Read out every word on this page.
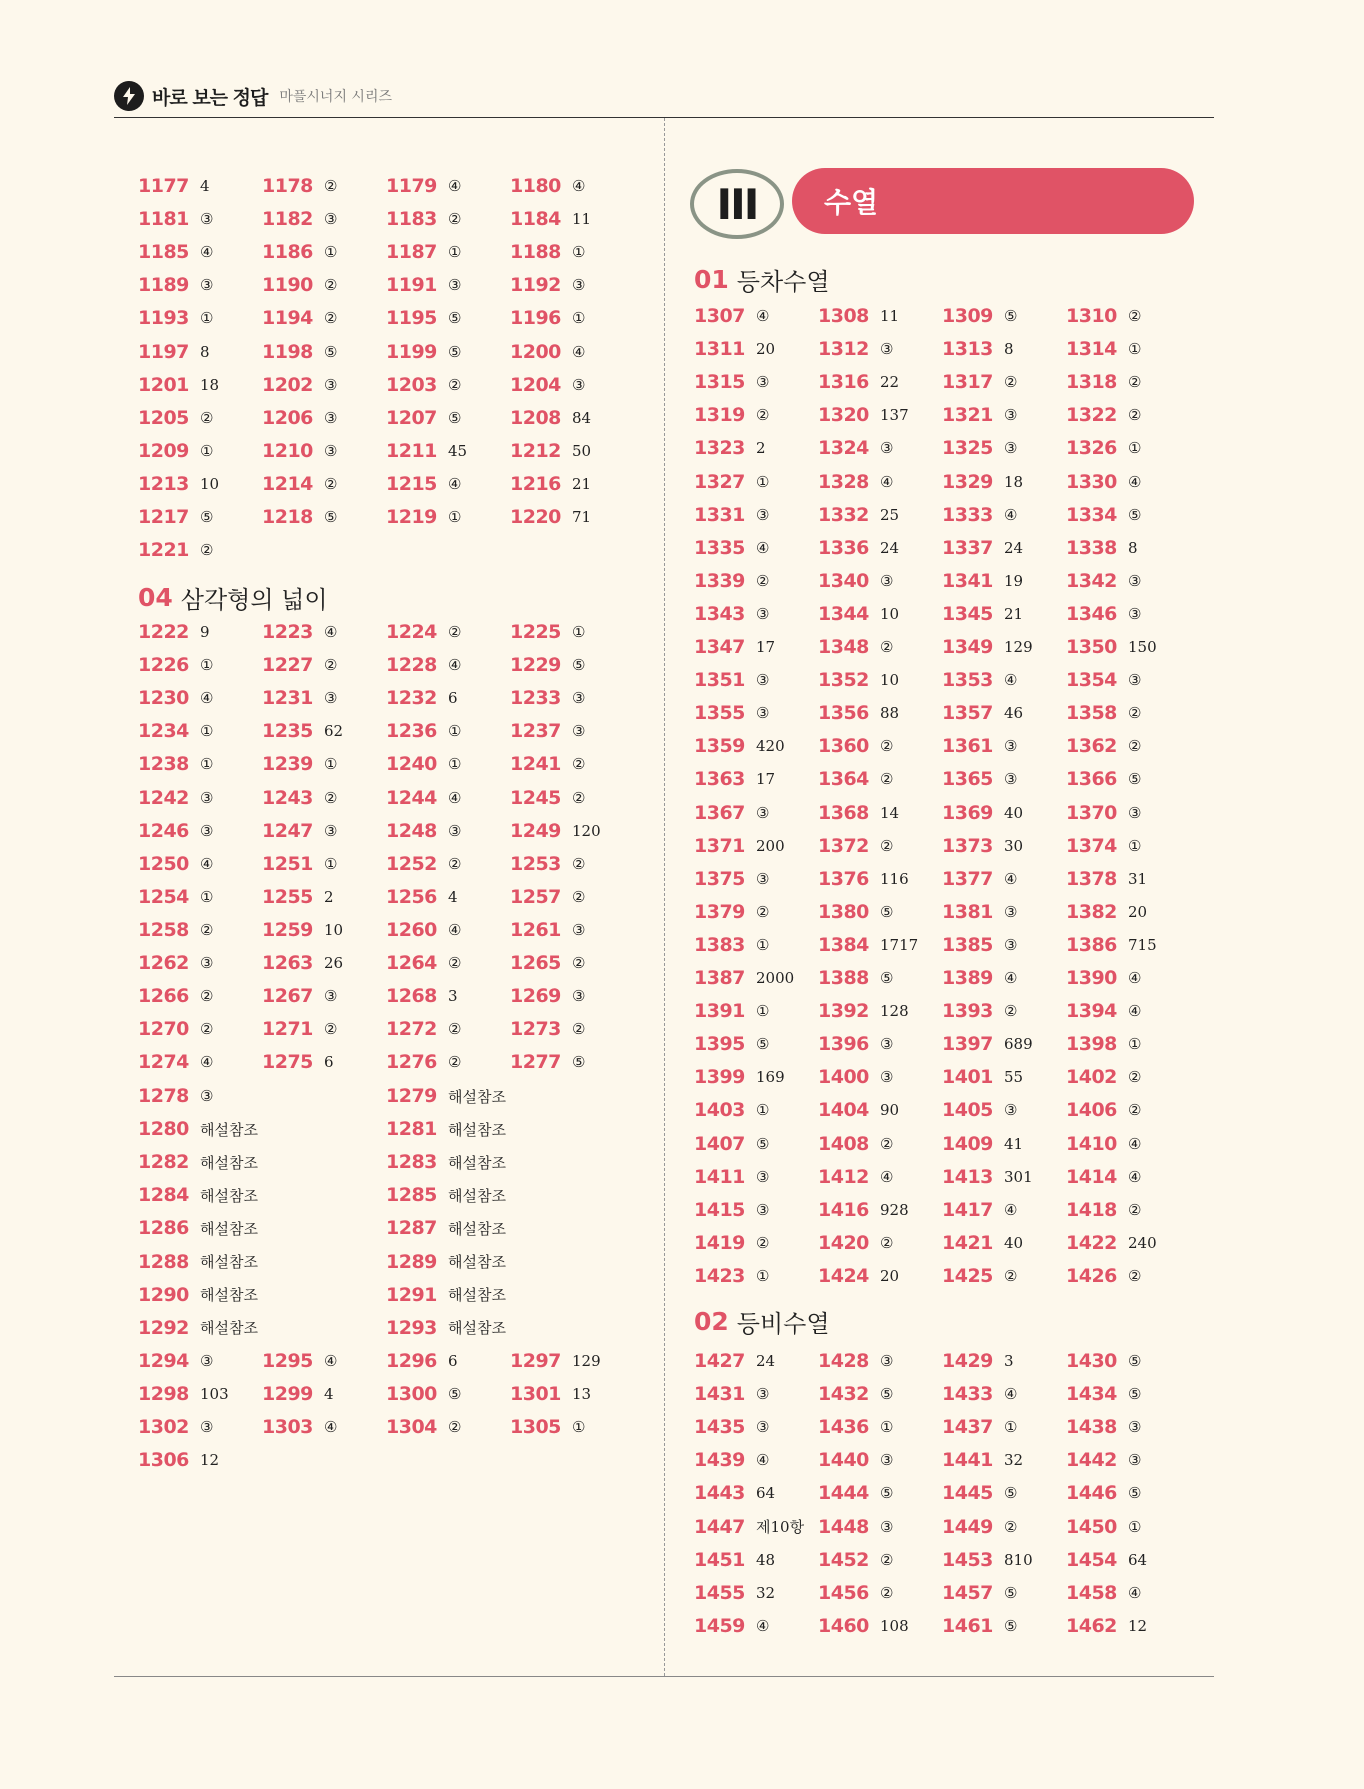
바로 보는 정답 마플시너지 시리즈
1177 4	1178 ②	1179 ④	1180 ④
1181 ③	1182 ③	1183 ②	1184 11
1185 ④	1186 ①	1187 ①	1188 ①
1189 ③	1190 ②	1191 ③	1192 ③
1193 ①	1194 ②	1195 ⑤	1196 ①
1197 8	1198 ⑤	1199 ⑤	1200 ④
1201 18 1202 ③	1203 ②	1204 ③
1205 ②	1206 ③	1207 ⑤	1208 84
1209 ①	1210 ③	1211 45 1212 50
1213 10 1214 ②	1215 ④	1216 21
1217 ⑤	1218 ⑤	1219 ①	1220 71
1221 ②
04 삼각형의 넓이
1222 9	1223 ④	1224 ②	1225 ①
1226 ①	1227 ②	1228 ④	1229 ⑤
1230 ④	1231 ③	1232 6	1233 ③
1234 ①	1235 62 1236 ①	1237 ③
1238 ①	1239 ①	1240 ①	1241 ②
1242 ③	1243 ②	1244 ④	1245 ②
1246 ③	1247 ③	1248 ③	1249 120
1250 ④	1251 ①	1252 ②	1253 ②
1254 ①	1255 2	1256 4	1257 ②
1258 ②	1259 10 1260 ④	1261 ③
1262 ③	1263 26 1264 ②	1265 ②
1266 ②	1267 ③	1268 3	1269 ③
1270 ②	1271 ②	1272 ②	1273 ②
1274 ④	1275 6	1276 ②	1277 ⑤
1278 ③	1279 해설참조
1280 해설참조	1281 해설참조
1282 해설참조	1283 해설참조
1284 해설참조	1285 해설참조
1286 해설참조	1287 해설참조
1288 해설참조	1289 해설참조
1290 해설참조	1291 해설참조
1292 해설참조	1293 해설참조
1294 ③	1295 ④	1296 6	1297 129
1298 103 1299 4	1300 ⑤	1301 13
1302 ③	1303 ④	1304 ②	1305 ①
1306 12
III 수열
01 등차수열
1307 ④	1308 11 1309 ⑤	1310 ②
1311 20 1312 ③	1313 8	1314 ①
1315 ③	1316 22 1317 ②	1318 ②
1319 ②	1320 137 1321 ③	1322 ②
1323 2	1324 ③	1325 ③	1326 ①
1327 ①	1328 ④	1329 18 1330 ④
1331 ③	1332 25 1333 ④	1334 ⑤
1335 ④	1336 24 1337 24 1338 8
1339 ②	1340 ③	1341 19 1342 ③
1343 ③	1344 10 1345 21 1346 ③
1347 17 1348 ②	1349 129 1350 150
1351 ③	1352 10 1353 ④	1354 ③
1355 ③	1356 88 1357 46 1358 ②
1359 420 1360 ②	1361 ③	1362 ②
1363 17 1364 ②	1365 ③	1366 ⑤
1367 ③	1368 14 1369 40 1370 ③
1371 200 1372 ②	1373 30 1374 ①
1375 ③	1376 116 1377 ④	1378 31
1379 ②	1380 ⑤	1381 ③	1382 20
1383 ①	1384 1717 1385 ③	1386 715
1387 2000 1388 ⑤	1389 ④	1390 ④
1391 ①	1392 128 1393 ②	1394 ④
1395 ⑤	1396 ③	1397 689 1398 ①
1399 169 1400 ③	1401 55 1402 ②
1403 ①	1404 90 1405 ③	1406 ②
1407 ⑤	1408 ②	1409 41 1410 ④
1411 ③	1412 ④	1413 301 1414 ④
1415 ③	1416 928 1417 ④	1418 ②
1419 ②	1420 ②	1421 40 1422 240
1423 ①	1424 20 1425 ②	1426 ②
02 등비수열
1427 24 1428 ③	1429 3	1430 ⑤
1431 ③	1432 ⑤	1433 ④	1434 ⑤
1435 ③	1436 ①	1437 ①	1438 ③
1439 ④	1440 ③	1441 32 1442 ③
1443 64 1444 ⑤	1445 ⑤	1446 ⑤
1447 제10항 1448 ③	1449 ②	1450 ①
1451 48 1452 ②	1453 810 1454 64
1455 32 1456 ②	1457 ⑤	1458 ④
1459 ④	1460 108 1461 ⑤	1462 12
